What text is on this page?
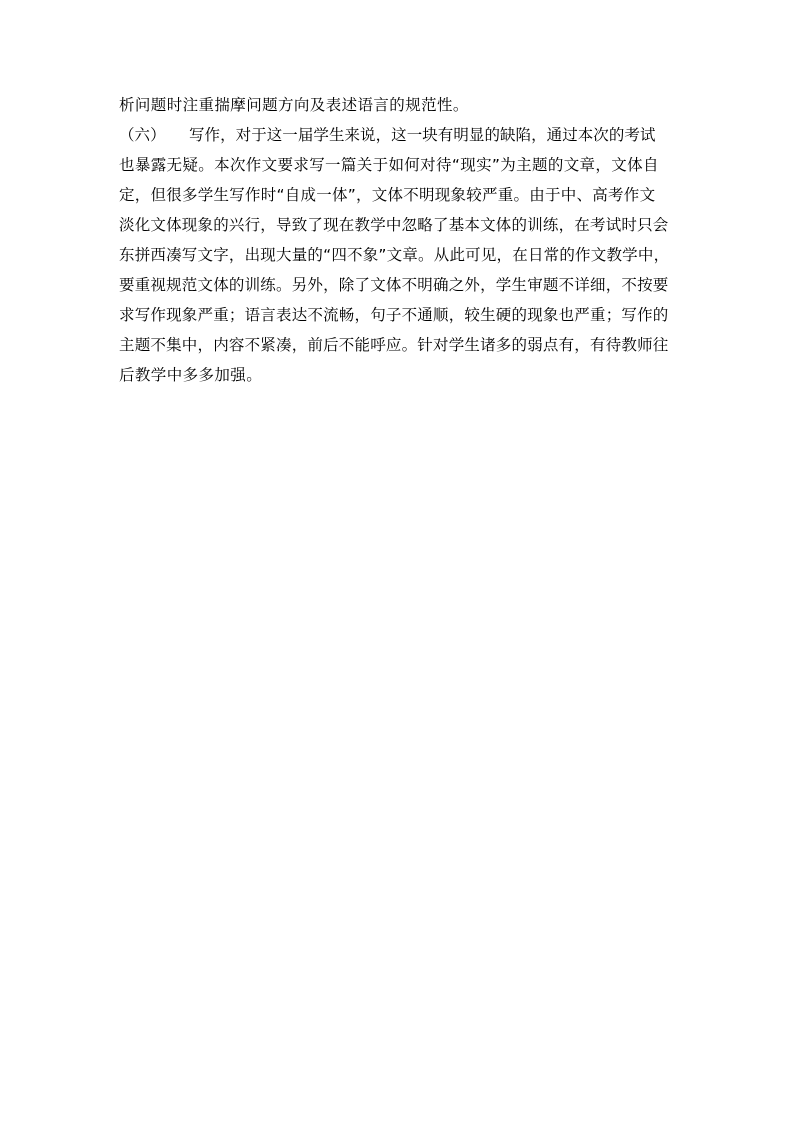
析问题时注重揣摩问题方向及表述语言的规范性。
（六）　　写作，对于这一届学生来说，这一块有明显的缺陷，通过本次的考试
也暴露无疑。本次作文要求写一篇关于如何对待“现实”为主题的文章，文体自
定，但很多学生写作时“自成一体”，文体不明现象较严重。由于中、高考作文
淡化文体现象的兴行，导致了现在教学中忽略了基本文体的训练，在考试时只会
东拼西凑写文字，出现大量的“四不象”文章。从此可见，在日常的作文教学中，
要重视规范文体的训练。另外，除了文体不明确之外，学生审题不详细，不按要
求写作现象严重；语言表达不流畅，句子不通顺，较生硬的现象也严重；写作的
主题不集中，内容不紧凑，前后不能呼应。针对学生诸多的弱点有，有待教师往
后教学中多多加强。
